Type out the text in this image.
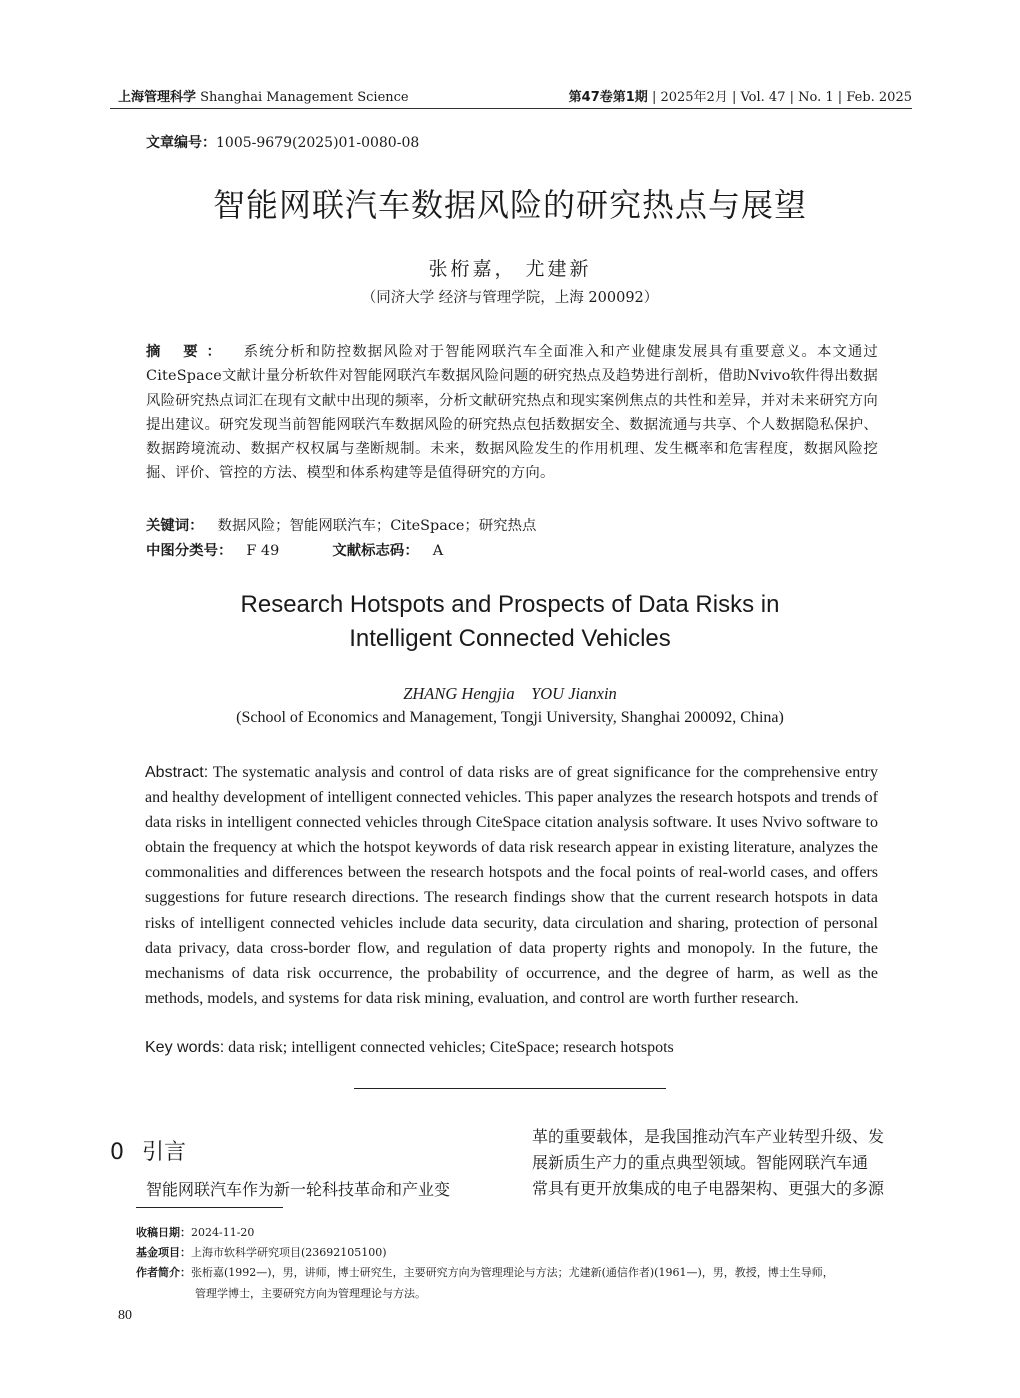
上海管理科学 Shanghai Management Science	第47卷第1期 | 2025年2月 | Vol. 47 | No. 1 | Feb. 2025
文章编号：1005-9679(2025)01-0080-08
智能网联汽车数据风险的研究热点与展望
张桁嘉， 尤建新
（同济大学 经济与管理学院，上海 200092）
摘 要： 系统分析和防控数据风险对于智能网联汽车全面准入和产业健康发展具有重要意义。本文通过CiteSpace文献计量分析软件对智能网联汽车数据风险问题的研究热点及趋势进行剖析，借助Nvivo软件得出数据风险研究热点词汇在现有文献中出现的频率，分析文献研究热点和现实案例焦点的共性和差异，并对未来研究方向提出建议。研究发现当前智能网联汽车数据风险的研究热点包括数据安全、数据流通与共享、个人数据隐私保护、数据跨境流动、数据产权权属与垄断规制。未来，数据风险发生的作用机理、发生概率和危害程度，数据风险挖掘、评价、管控的方法、模型和体系构建等是值得研究的方向。
关键词： 数据风险；智能网联汽车；CiteSpace；研究热点
中图分类号： F 49	文献标志码： A
Research Hotspots and Prospects of Data Risks in
Intelligent Connected Vehicles
ZHANG Hengjia    YOU Jianxin
(School of Economics and Management, Tongji University, Shanghai 200092, China)
Abstract: The systematic analysis and control of data risks are of great significance for the comprehensive entry and healthy development of intelligent connected vehicles. This paper analyzes the research hotspots and trends of data risks in intelligent connected vehicles through CiteSpace citation analysis software. It uses Nvivo software to obtain the frequency at which the hotspot keywords of data risk research appear in existing literature, analyzes the commonalities and differences between the research hotspots and the focal points of real-world cases, and offers suggestions for future research directions. The research findings show that the current research hotspots in data risks of intelligent connected vehicles include data security, data circulation and sharing, protection of personal data privacy, data cross-border flow, and regulation of data property rights and monopoly. In the future, the mechanisms of data risk occurrence, the probability of occurrence, and the degree of harm, as well as the methods, models, and systems for data risk mining, evaluation, and control are worth further research.
Key words: data risk; intelligent connected vehicles; CiteSpace; research hotspots
0 引言
智能网联汽车作为新一轮科技革命和产业变
革的重要载体，是我国推动汽车产业转型升级、发
展新质生产力的重点典型领域。智能网联汽车通
常具有更开放集成的电子电器架构、更强大的多源
收稿日期：2024-11-20
基金项目：上海市软科学研究项目(23692105100)
作者简介：张桁嘉(1992—)，男，讲师，博士研究生，主要研究方向为管理理论与方法；尤建新(通信作者)(1961—)，男，教授，博士生导师，
管理学博士，主要研究方向为管理理论与方法。
80
